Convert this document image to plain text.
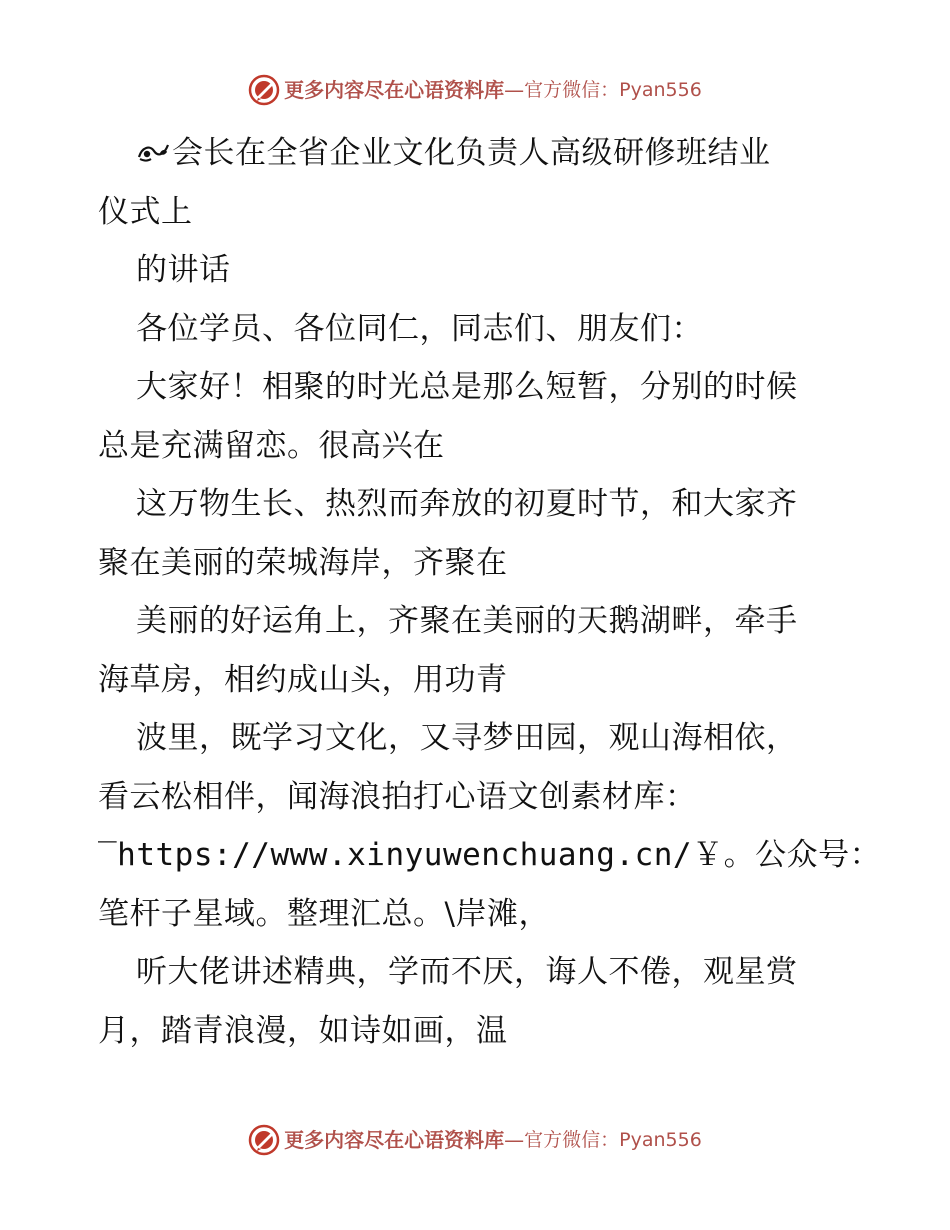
更多内容尽在心语资料库 — 官方微信：Pyan556
会长在全省企业文化负责人高级研修班结业
仪式上
的讲话
各位学员、各位同仁，同志们、朋友们：
大家好！相聚的时光总是那么短暂，分别的时候
总是充满留恋。很高兴在
这万物生长、热烈而奔放的初夏时节，和大家齐
聚在美丽的荣城海岸，齐聚在
美丽的好运角上，齐聚在美丽的天鹅湖畔，牵手
海草房，相约成山头，用功青
波里，既学习文化，又寻梦田园，观山海相依，
看云松相伴，闻海浪拍打心语文创素材库：
‾https://www.xinyuwenchuang.cn/￥。公众号：
笔杆子星域。整理汇总。\岸滩，
听大佬讲述精典，学而不厌，诲人不倦，观星赏
月，踏青浪漫，如诗如画，温
更多内容尽在心语资料库 — 官方微信：Pyan556
